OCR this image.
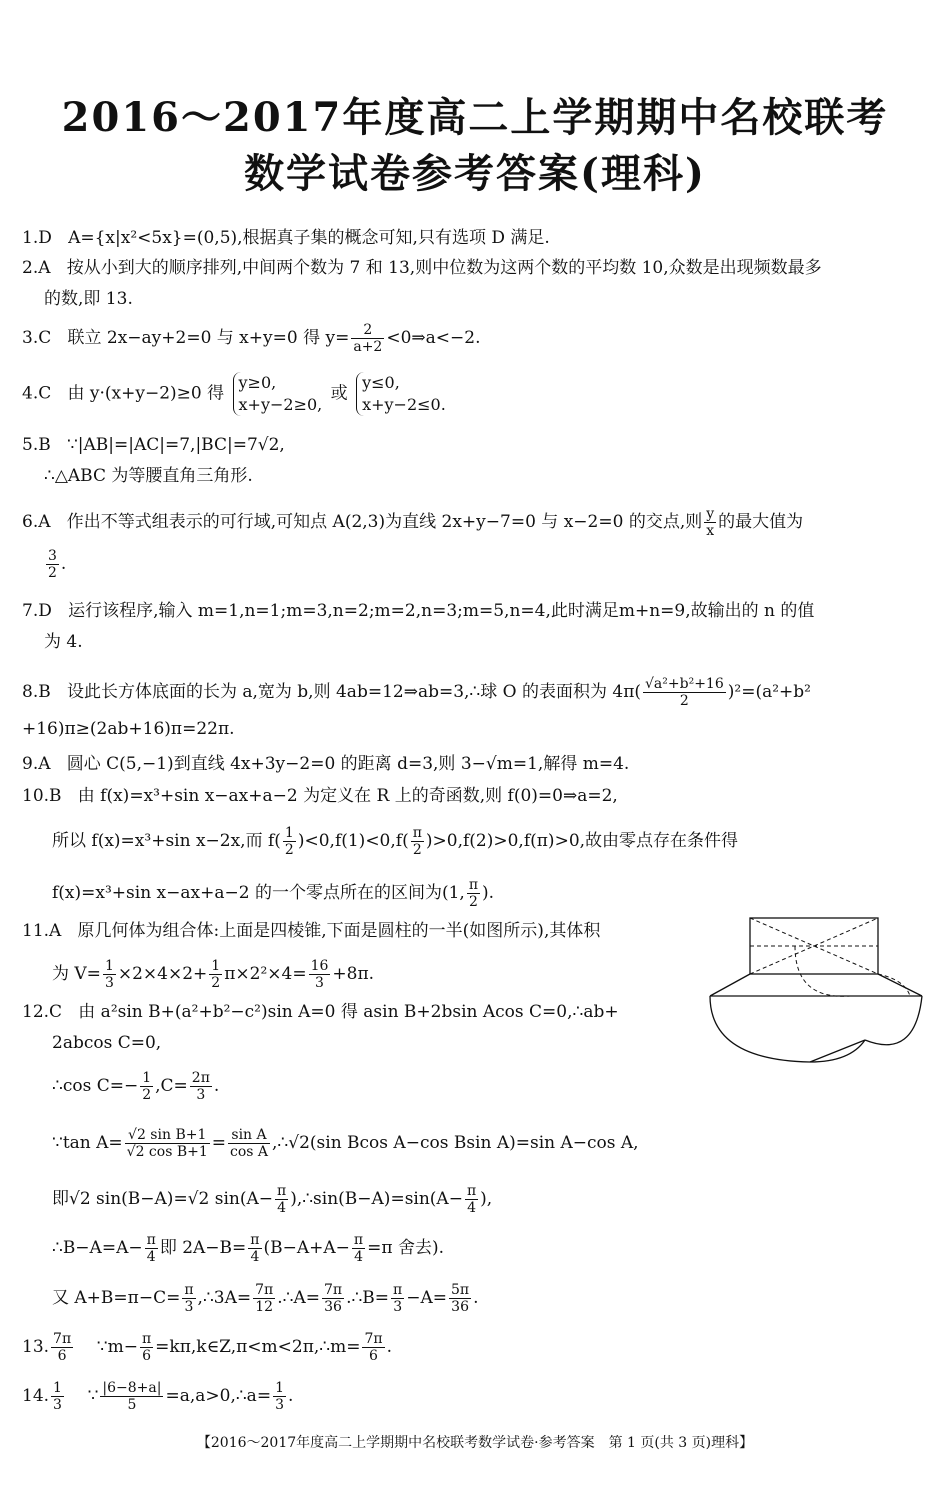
2016～2017年度高二上学期期中名校联考
数学试卷参考答案(理科)
1.D A={x|x²<5x}=(0,5),根据真子集的概念可知,只有选项 D 满足.
2.A 按从小到大的顺序排列,中间两个数为 7 和 13,则中位数为这两个数的平均数 10,众数是出现频数最多
的数,即 13.
3.C 联立 2x−ay+2=0 与 x+y=0 得 $y= \frac{2}{a+2}$ <0⇒a<−2.
4.C 由 y·(x+y−2)≥0 得
y≥0,
x+y−2≥0,
或
y≤0,
x+y−2≤0.
5.B ∵|AB|=|AC|=7,|BC|=7√2,
∴△ABC 为等腰直角三角形.
6.A 作出不等式组表示的可行域,可知点 A(2,3)为直线 2x+y−7=0 与 x−2=0 的交点,则 $\frac{y}{x}$ 的最大值为
$\frac{3}{2}$ .
7.D 运行该程序,输入 m=1,n=1;m=3,n=2;m=2,n=3;m=5,n=4,此时满足m+n=9,故输出的 n 的值
为 4.
8.B 设此长方体底面的长为 a,宽为 b,则 4ab=12⇒ab=3,∴球 O 的表面积为 $4\pi( \frac{\text{√a²+b²+16}}{2} )^2=(a^2+b^2$
+16)π≥(2ab+16)π=22π.
9.A 圆心 C(5,−1)到直线 4x+3y−2=0 的距离 d=3,则 3−√m=1,解得 m=4.
10.B 由 f(x)=x³+sin x−ax+a−2 为定义在 R 上的奇函数,则 f(0)=0⇒a=2,
所以 f(x)=x³+sin x−2x,而 $f( \frac{1}{2} )<0,f(1)<0,f( \frac{\pi}{2} )>0,f(2)>0,f(\pi)>0$,故由零点存在条件得
f(x)=x³+sin x−ax+a−2 的一个零点所在的区间为(1, $\frac{\pi}{2}$ ).
11.A 原几何体为组合体:上面是四棱锥,下面是圆柱的一半(如图所示),其体积
为 $V= \frac{1}{3} \times 2\times 4\times 2+ \frac{1}{2} \pi\times 2^2\times 4= \frac{16}{3} +8\pi$.
12.C 由 a²sin B+(a²+b²−c²)sin A=0 得 asin B+2bsin Acos C=0,∴ab+
2abcos C=0,
∴cos $C=- \frac{1}{2} ,C= \frac{2\pi}{3}$ .
∵tan $A= \frac{\text{√2 sin B+1}}{\text{√2 cos B+1}} = \frac{\text{sin A}}{\text{cos A}}$ ,∴√2(sin Bcos A−cos Bsin A)=sin A−cos A,
即√2 sin(B−A)=√2 $\sin(A- \frac{\pi}{4}$ ),∴sin(B−A)=sin(A− $\frac{\pi}{4}$ ),
∴B−A=A− $\frac{\pi}{4}$ 即 $2A-B= \frac{\pi}{4} (B-A+A- \frac{\pi}{4} =\pi$ 舍去).
又 $A+B=\pi-C= \frac{\pi}{3}$ ,∴3A= $\frac{7\pi}{12}$ .∴A= $\frac{7\pi}{36}$ .∴B= $\frac{\pi}{3} -A= \frac{5\pi}{36}$ .
13. $\frac{7\pi}{6}$ ∵m− $\frac{\pi}{6}$ =kπ,k∈Z,π<m<2π,∴m= $\frac{7\pi}{6}$ .
14. $\frac{1}{3}$ ∵ $\frac{|6-8+a|}{5}$ =a,a>0,∴a= $\frac{1}{3}$ .
【2016～2017年度高二上学期期中名校联考数学试卷·参考答案　第 1 页(共 3 页)理科】
